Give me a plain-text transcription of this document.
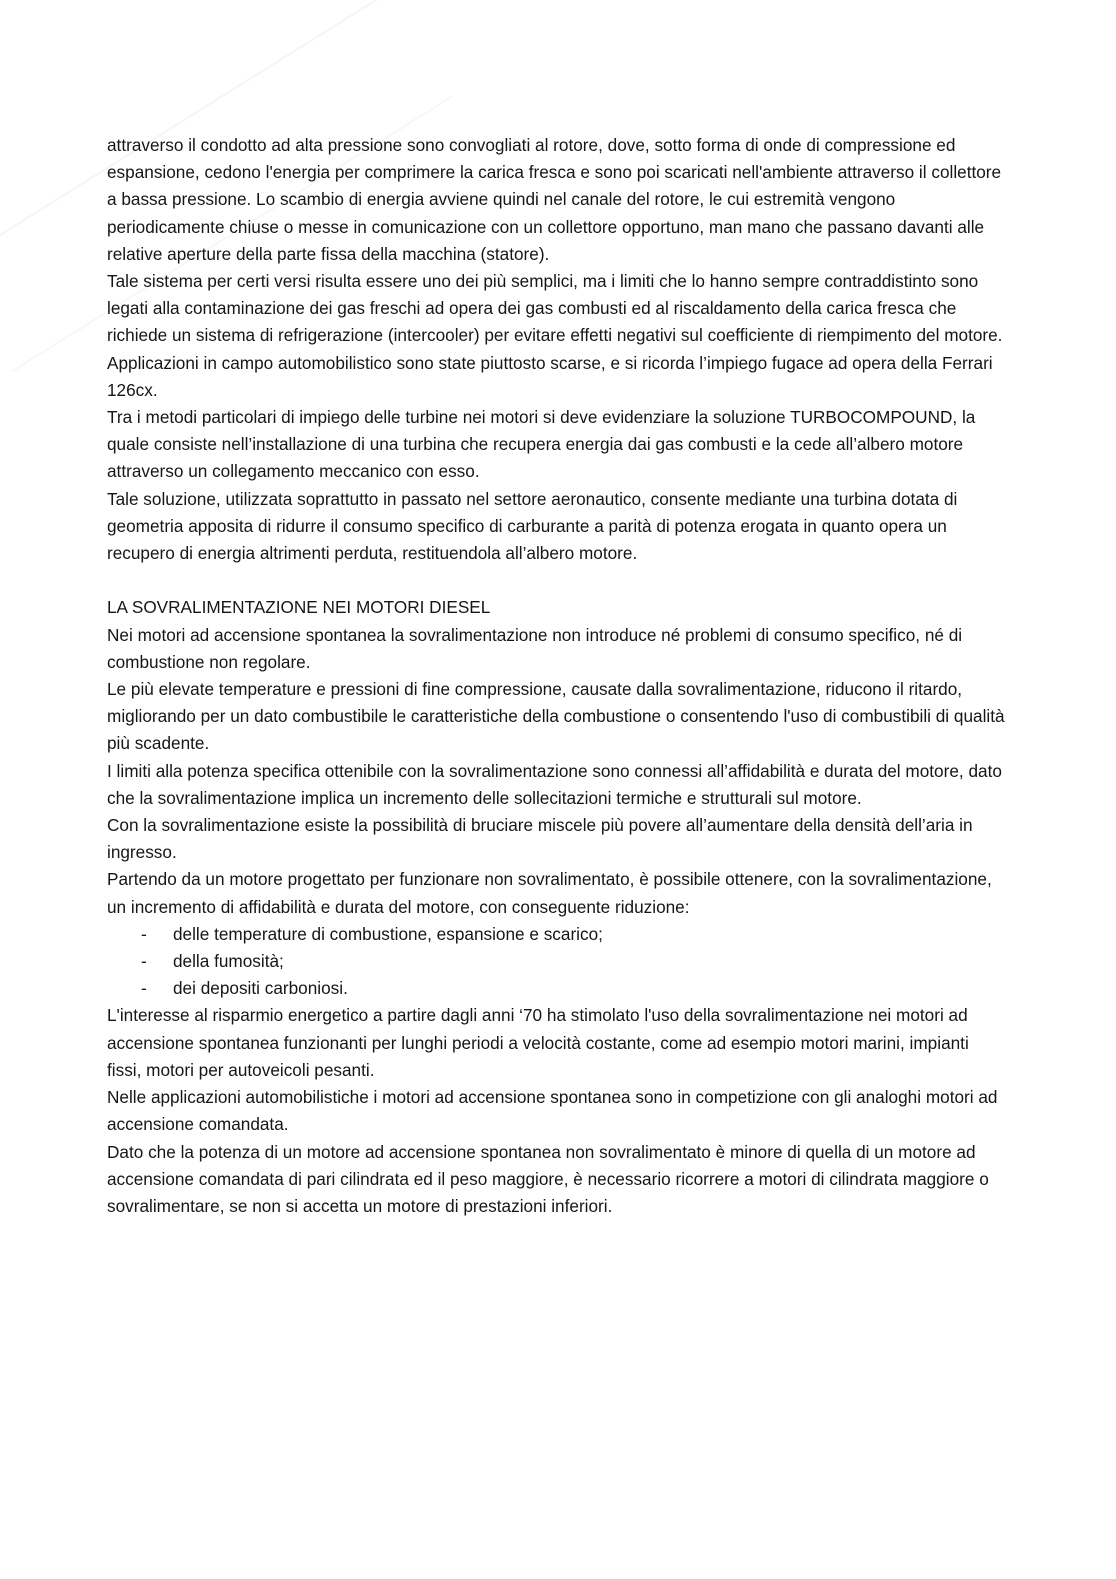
attraverso il condotto ad alta pressione sono convogliati al rotore, dove, sotto forma di onde di compressione ed espansione, cedono l'energia per comprimere la carica fresca e sono poi scaricati nell'ambiente attraverso il collettore a bassa pressione. Lo scambio di energia avviene quindi nel canale del rotore, le cui estremità vengono periodicamente chiuse o messe in comunicazione con un collettore opportuno, man mano che passano davanti alle relative aperture della parte fissa della macchina (statore).

Tale sistema per certi versi risulta essere uno dei più semplici, ma i limiti che lo hanno sempre contraddistinto sono legati alla contaminazione dei gas freschi ad opera dei gas combusti ed al riscaldamento della carica fresca che richiede un sistema di refrigerazione (intercooler) per evitare effetti negativi sul coefficiente di riempimento del motore.

Applicazioni in campo automobilistico sono state piuttosto scarse, e si ricorda l’impiego fugace ad opera della Ferrari 126cx.

Tra i metodi particolari di impiego delle turbine nei motori si deve evidenziare la soluzione TURBOCOMPOUND, la quale consiste nell’installazione di una turbina che recupera energia dai gas combusti e la cede all’albero motore attraverso un collegamento meccanico con esso.

Tale soluzione, utilizzata soprattutto in passato nel settore aeronautico, consente mediante una turbina dotata di geometria apposita di ridurre il consumo specifico di carburante a parità di potenza erogata in quanto opera un recupero di energia altrimenti perduta, restituendola all’albero motore.

LA SOVRALIMENTAZIONE NEI MOTORI DIESEL

Nei motori ad accensione spontanea la sovralimentazione non introduce né problemi di consumo specifico, né di combustione non regolare.

Le più elevate temperature e pressioni di fine compressione, causate dalla sovralimentazione, riducono il ritardo, migliorando per un dato combustibile le caratteristiche della combustione o consentendo l'uso di combustibili di qualità più scadente.

I limiti alla potenza specifica ottenibile con la sovralimentazione sono connessi all’affidabilità e durata del motore, dato che la sovralimentazione implica un incremento delle sollecitazioni termiche e strutturali sul motore.

Con la sovralimentazione esiste la possibilità di bruciare miscele più povere all’aumentare della densità dell’aria in ingresso.

Partendo da un motore progettato per funzionare non sovralimentato, è possibile ottenere, con la sovralimentazione, un incremento di affidabilità e durata del motore, con conseguente riduzione:

- delle temperature di combustione, espansione e scarico;
- della fumosità;
- dei depositi carboniosi.

L'interesse al risparmio energetico a partire dagli anni ‘70 ha stimolato l'uso della sovralimentazione nei motori ad accensione spontanea funzionanti per lunghi periodi a velocità costante, come ad esempio motori marini, impianti fissi, motori per autoveicoli pesanti.

Nelle applicazioni automobilistiche i motori ad accensione spontanea sono in competizione con gli analoghi motori ad accensione comandata.

Dato che la potenza di un motore ad accensione spontanea non sovralimentato è minore di quella di un motore ad accensione comandata di pari cilindrata ed il peso maggiore, è necessario ricorrere a motori di cilindrata maggiore o sovralimentare, se non si accetta un motore di prestazioni inferiori.
